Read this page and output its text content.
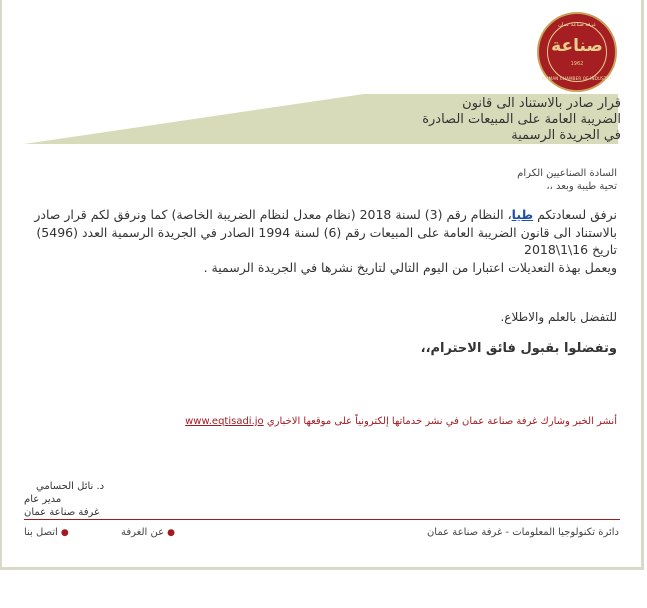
غرفة صناعة عمان
صناعة
1962
AMMAN CHAMBER OF INDUSTRY
قرار صادر بالاستناد الى قانون
الضريبة العامة على المبيعات الصادرة
في الجريدة الرسمية
السادة الصناعيين الكرام
تحية طيبة وبعد ،،
نرفق لسعادتكم طيا، النظام رقم (3) لسنة 2018 (نظام معدل لنظام الضريبة الخاصة) كما ونرفق لكم قرار صادر بالاستناد الى قانون الضريبة العامة على المبيعات رقم (6) لسنة 1994 الصادر في الجريدة الرسمية العدد (5496) تاريخ 16\1\2018
ويعمل بهذة التعديلات اعتبارا من اليوم التالي لتاريخ نشرها في الجريدة الرسمية .
للتفضل بالعلم والاطلاع.
وتفضلوا بقبول فائق الاحترام،،
أنشر الخبر وشارك غرفة صناعة عمان في نشر خدماتها إلكترونياً على موقعها الاخباري www.eqtisadi.jo
د. نائل الحسامي
مدير عام
غرفة صناعة عمان
دائرة تكنولوجيا المعلومات - غرفة صناعة عمان
●عن الغرفة
●اتصل بنا
